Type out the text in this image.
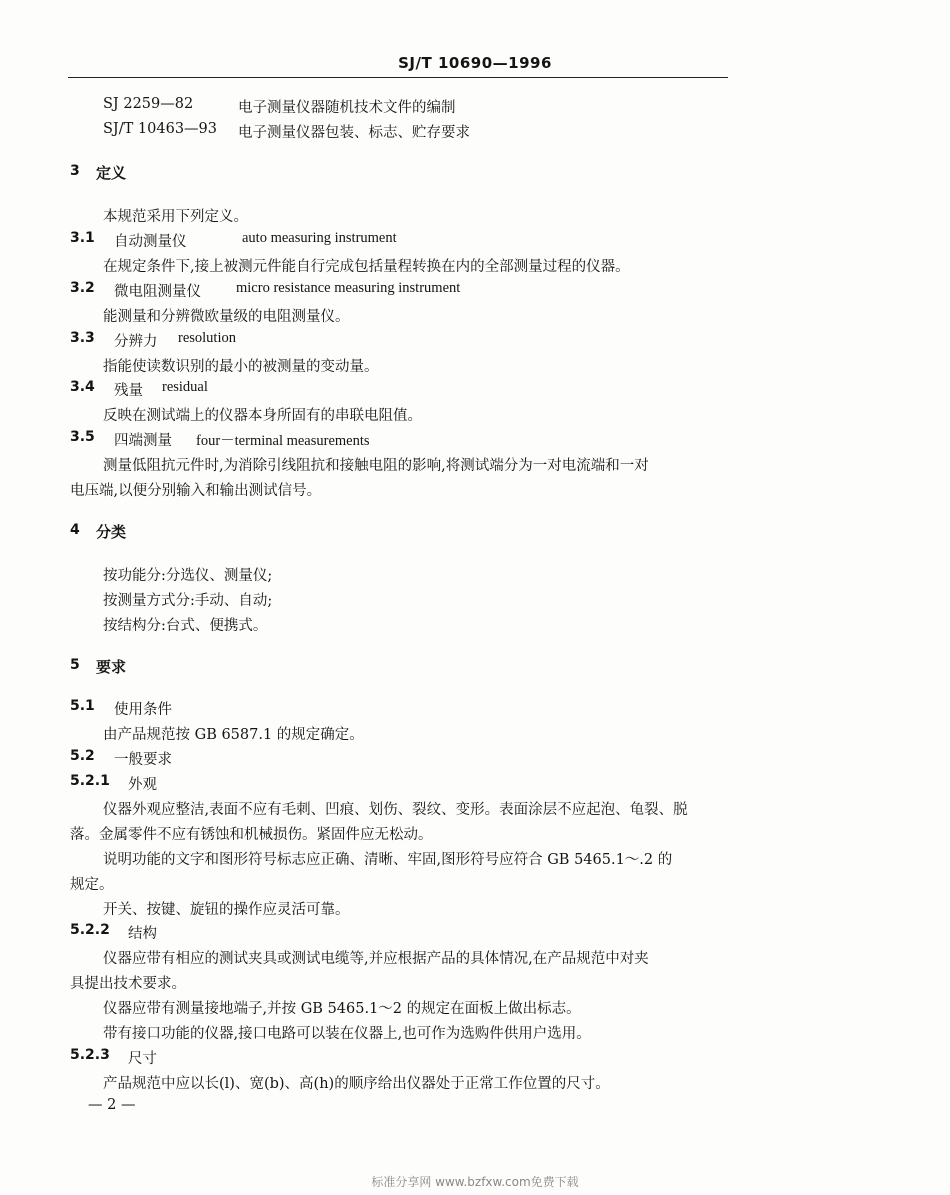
SJ/T 10690—1996
SJ 2259—82	电子测量仪器随机技术文件的编制
SJ/T 10463—93 电子测量仪器包装、标志、贮存要求
3 定义
本规范采用下列定义。
3.1 自动测量仪	auto measuring instrument
在规定条件下,接上被测元件能自行完成包括量程转换在内的全部测量过程的仪器。
3.2 微电阻测量仪 micro resistance measuring instrument
能测量和分辨微欧量级的电阻测量仪。
3.3 分辨力 resolution
指能使读数识别的最小的被测量的变动量。
3.4 残量 residual
反映在测试端上的仪器本身所固有的串联电阻值。
3.5 四端测量 four－terminal measurements
测量低阻抗元件时,为消除引线阻抗和接触电阻的影响,将测试端分为一对电流端和一对
电压端,以便分别输入和输出测试信号。
4 分类
按功能分:分选仪、测量仪;
按测量方式分:手动、自动;
按结构分:台式、便携式。
5 要求
5.1 使用条件
由产品规范按 GB 6587.1 的规定确定。
5.2 一般要求
5.2.1 外观
仪器外观应整洁,表面不应有毛刺、凹痕、划伤、裂纹、变形。表面涂层不应起泡、龟裂、脱
落。金属零件不应有锈蚀和机械损伤。紧固件应无松动。
说明功能的文字和图形符号标志应正确、清晰、牢固,图形符号应符合 GB 5465.1～.2 的
规定。
开关、按键、旋钮的操作应灵活可靠。
5.2.2 结构
仪器应带有相应的测试夹具或测试电缆等,并应根据产品的具体情况,在产品规范中对夹
具提出技术要求。
仪器应带有测量接地端子,并按 GB 5465.1～2 的规定在面板上做出标志。
带有接口功能的仪器,接口电路可以装在仪器上,也可作为选购件供用户选用。
5.2.3 尺寸
产品规范中应以长(l)、宽(b)、高(h)的顺序给出仪器处于正常工作位置的尺寸。
— 2 —
标准分享网 www.bzfxw.com免费下载
